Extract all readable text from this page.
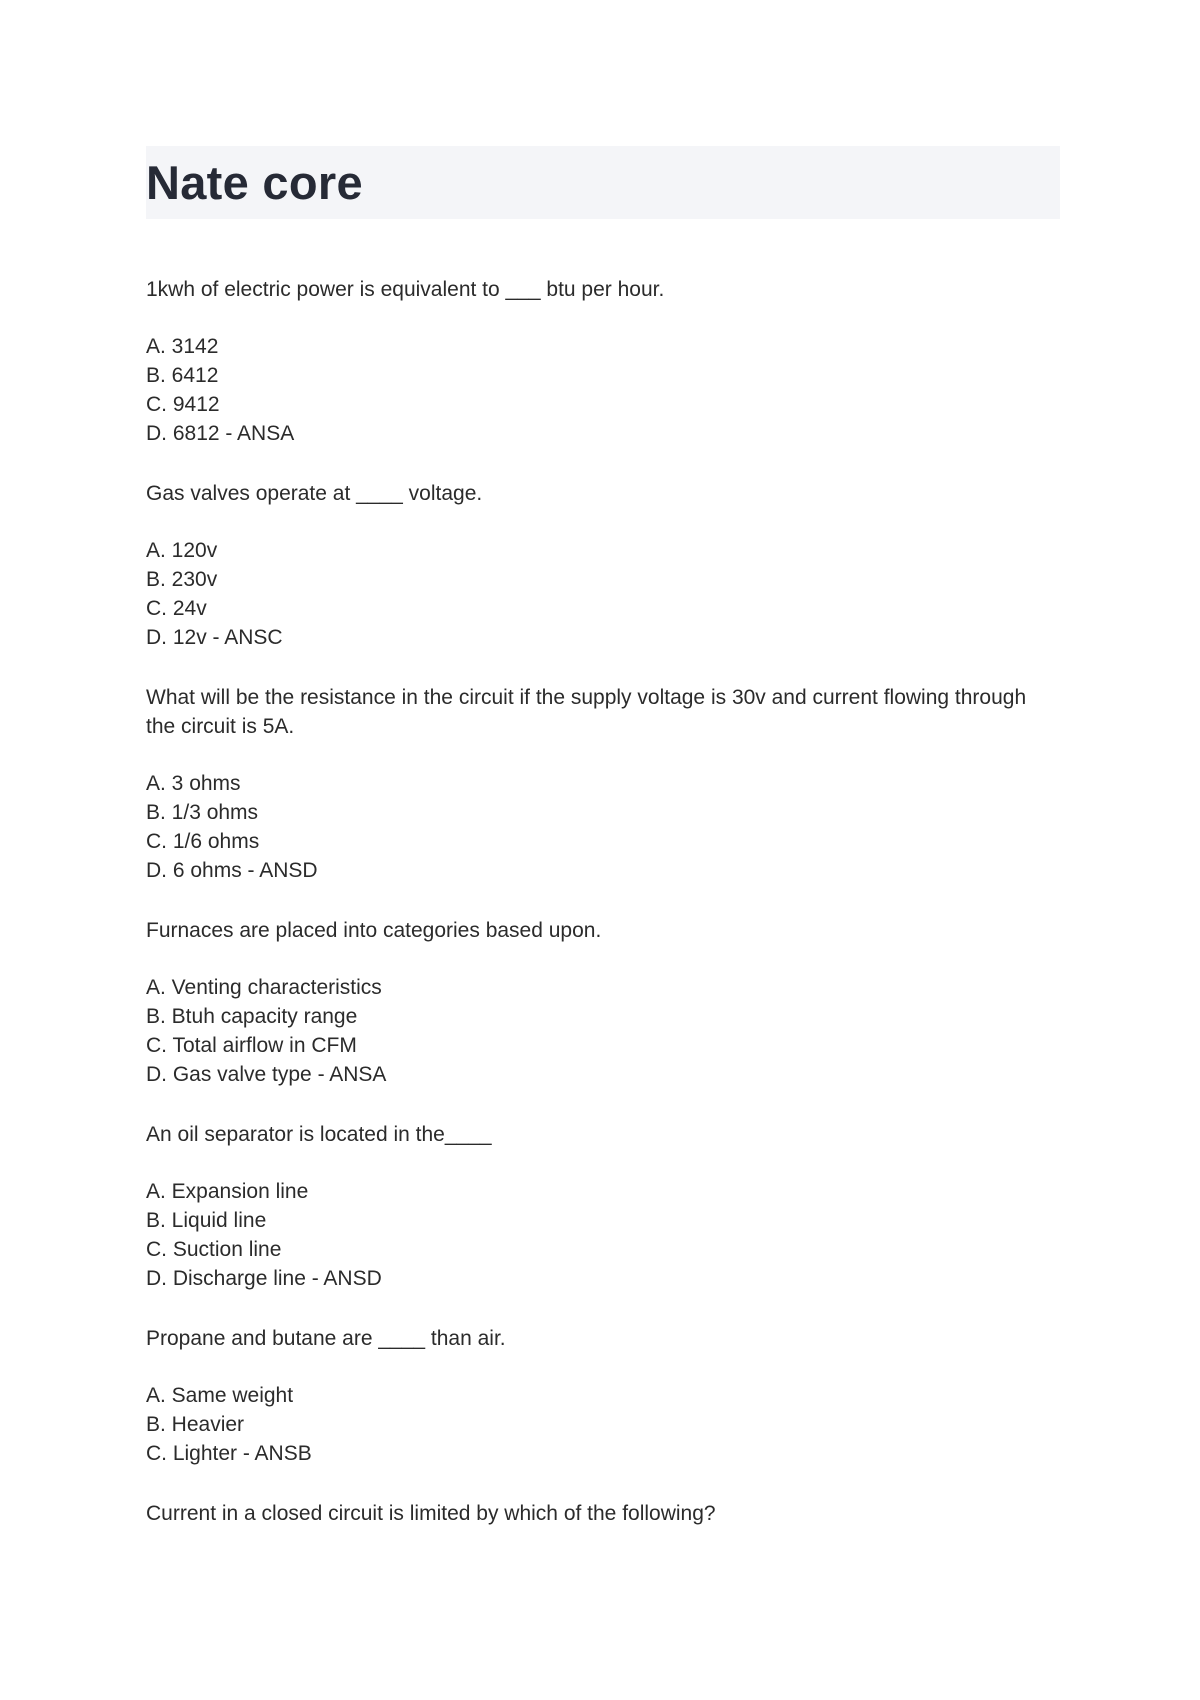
Nate core

1kwh of electric power is equivalent to ___ btu per hour.

A. 3142
B. 6412
C. 9412
D. 6812 - ANSA

Gas valves operate at ____ voltage.

A. 120v
B. 230v
C. 24v
D. 12v - ANSC

What will be the resistance in the circuit if the supply voltage is 30v and current flowing through the circuit is 5A.

A. 3 ohms
B. 1/3 ohms
C. 1/6 ohms
D. 6 ohms - ANSD

Furnaces are placed into categories based upon.

A. Venting characteristics
B. Btuh capacity range
C. Total airflow in CFM
D. Gas valve type - ANSA

An oil separator is located in the____

A. Expansion line
B. Liquid line
C. Suction line
D. Discharge line - ANSD

Propane and butane are ____ than air.

A. Same weight
B. Heavier
C. Lighter - ANSB

Current in a closed circuit is limited by which of the following?
